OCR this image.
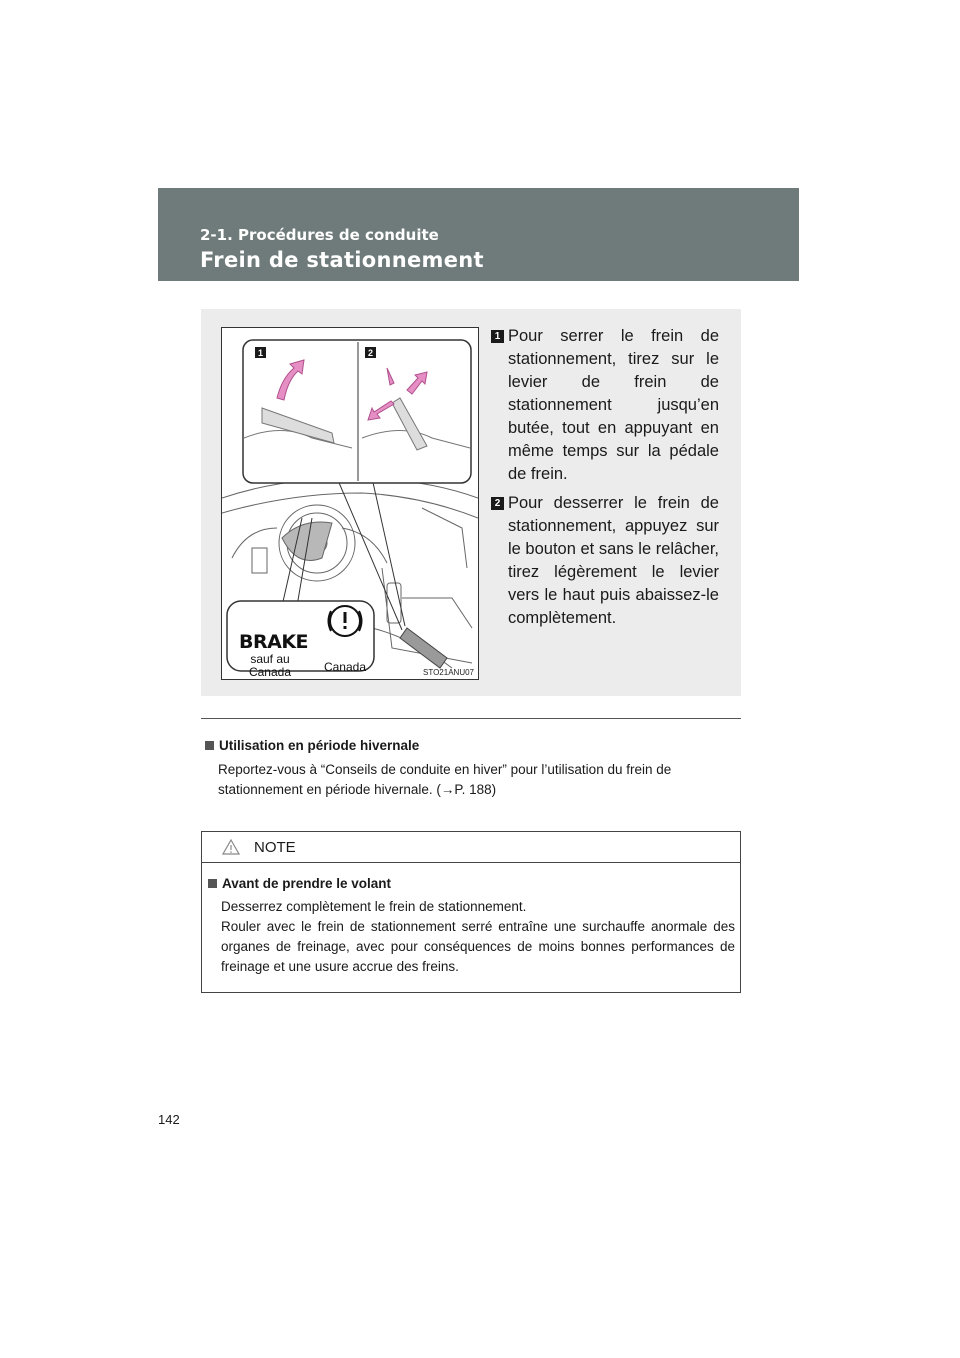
2-1. Procédures de conduite
Frein de stationnement
1	2
BRAKE
sauf au
Canada	Canada	STO21ANU07
1 Pour serrer le frein de stationnement, tirez sur le levier de frein de stationnement jusqu’en butée, tout en appuyant en même temps sur la pédale de frein.
2 Pour desserrer le frein de stationnement, appuyez sur le bouton et sans le relâcher, tirez légèrement le levier vers le haut puis abaissez-le complètement.
Utilisation en période hivernale
Reportez-vous à “Conseils de conduite en hiver” pour l’utilisation du frein de stationnement en période hivernale. (→P. 188)
NOTE
Avant de prendre le volant
Desserrez complètement le frein de stationnement.
Rouler avec le frein de stationnement serré entraîne une surchauffe anormale des organes de freinage, avec pour conséquences de moins bonnes performances de freinage et une usure accrue des freins.
142
